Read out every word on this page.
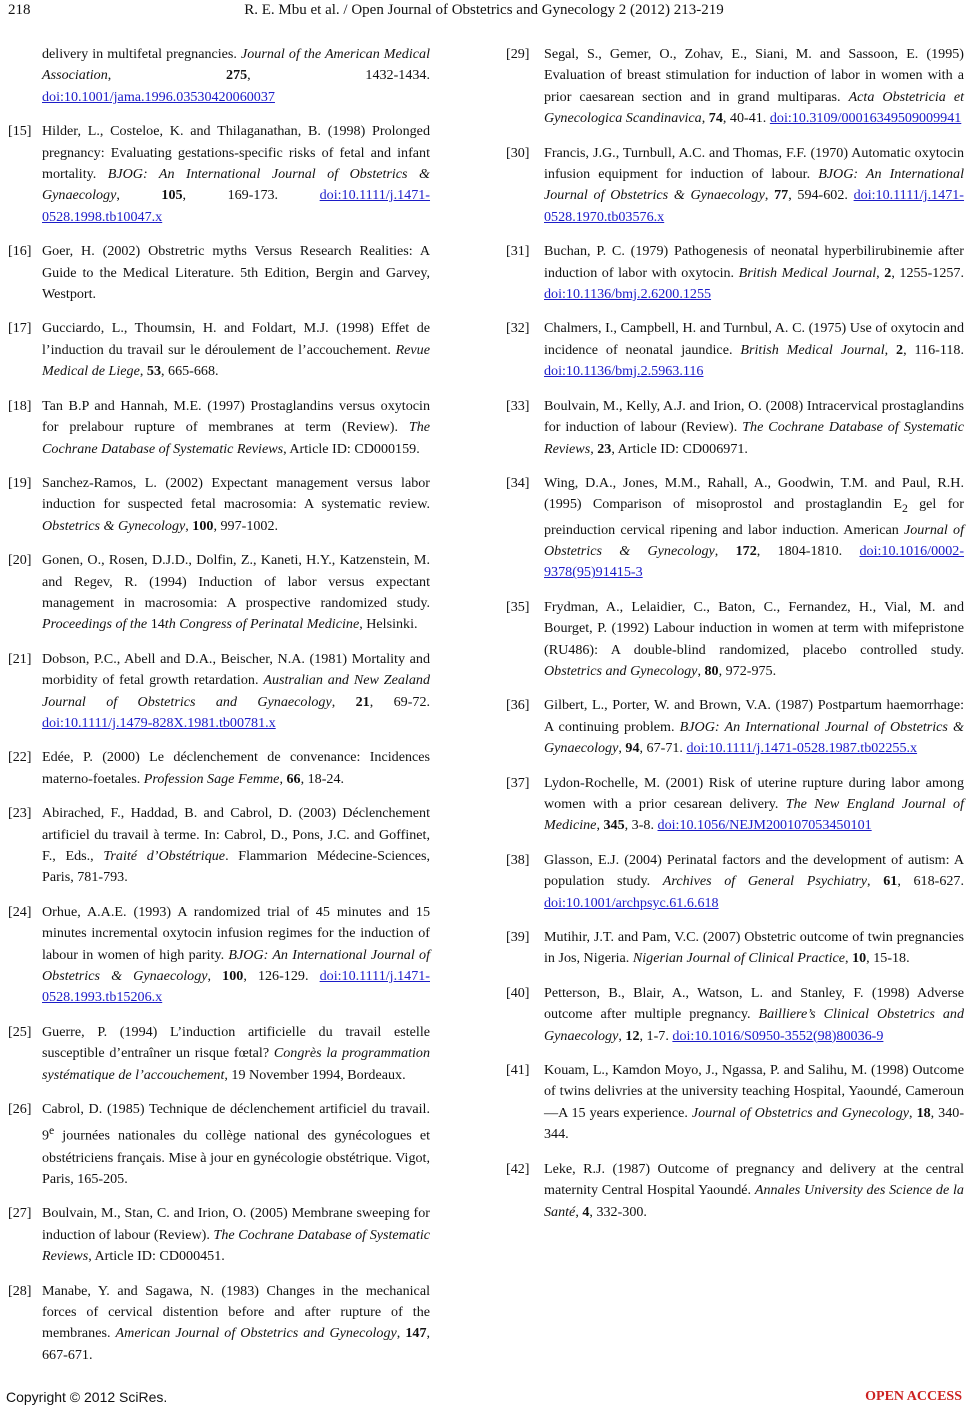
218	R. E. Mbu et al. / Open Journal of Obstetrics and Gynecology 2 (2012) 213-219
delivery in multifetal pregnancies. Journal of the American Medical Association, 275, 1432-1434. doi:10.1001/jama.1996.03530420060037
[15] Hilder, L., Costeloe, K. and Thilaganathan, B. (1998) Prolonged pregnancy: Evaluating gestations-specific risks of fetal and infant mortality. BJOG: An International Journal of Obstetrics & Gynaecology, 105, 169-173. doi:10.1111/j.1471-0528.1998.tb10047.x
[16] Goer, H. (2002) Obstretric myths Versus Research Realities: A Guide to the Medical Literature. 5th Edition, Bergin and Garvey, Westport.
[17] Gucciardo, L., Thoumsin, H. and Foldart, M.J. (1998) Effet de l’induction du travail sur le déroulement de l’accouchement. Revue Medical de Liege, 53, 665-668.
[18] Tan B.P and Hannah, M.E. (1997) Prostaglandins versus oxytocin for prelabour rupture of membranes at term (Review). The Cochrane Database of Systematic Reviews, Article ID: CD000159.
[19] Sanchez-Ramos, L. (2002) Expectant management versus labor induction for suspected fetal macrosomia: A systematic review. Obstetrics & Gynecology, 100, 997-1002.
[20] Gonen, O., Rosen, D.J.D., Dolfin, Z., Kaneti, H.Y., Katzenstein, M. and Regev, R. (1994) Induction of labor versus expectant management in macrosomia: A prospective randomized study. Proceedings of the 14th Congress of Perinatal Medicine, Helsinki.
[21] Dobson, P.C., Abell and D.A., Beischer, N.A. (1981) Mortality and morbidity of fetal growth retardation. Australian and New Zealand Journal of Obstetrics and Gynaecology, 21, 69-72. doi:10.1111/j.1479-828X.1981.tb00781.x
[22] Edée, P. (2000) Le déclenchement de convenance: Incidences materno-foetales. Profession Sage Femme, 66, 18-24.
[23] Abirached, F., Haddad, B. and Cabrol, D. (2003) Déclenchement artificiel du travail à terme. In: Cabrol, D., Pons, J.C. and Goffinet, F., Eds., Traité d’Obstétrique. Flammarion Médecine-Sciences, Paris, 781-793.
[24] Orhue, A.A.E. (1993) A randomized trial of 45 minutes and 15 minutes incremental oxytocin infusion regimes for the induction of labour in women of high parity. BJOG: An International Journal of Obstetrics & Gynaecology, 100, 126-129. doi:10.1111/j.1471-0528.1993.tb15206.x
[25] Guerre, P. (1994) L’induction artificielle du travail estelle susceptible d’entraîner un risque fœtal? Congrès la programmation systématique de l’accouchement, 19 November 1994, Bordeaux.
[26] Cabrol, D. (1985) Technique de déclenchement artificiel du travail. 9e journées nationales du collège national des gynécologues et obstétriciens français. Mise à jour en gynécologie obstétrique. Vigot, Paris, 165-205.
[27] Boulvain, M., Stan, C. and Irion, O. (2005) Membrane sweeping for induction of labour (Review). The Cochrane Database of Systematic Reviews, Article ID: CD000451.
[28] Manabe, Y. and Sagawa, N. (1983) Changes in the mechanical forces of cervical distention before and after rupture of the membranes. American Journal of Obstetrics and Gynecology, 147, 667-671.
[29] Segal, S., Gemer, O., Zohav, E., Siani, M. and Sassoon, E. (1995) Evaluation of breast stimulation for induction of labor in women with a prior caesarean section and in grand multiparas. Acta Obstetricia et Gynecologica Scandinavica, 74, 40-41. doi:10.3109/00016349509009941
[30] Francis, J.G., Turnbull, A.C. and Thomas, F.F. (1970) Automatic oxytocin infusion equipment for induction of labour. BJOG: An International Journal of Obstetrics & Gynaecology, 77, 594-602. doi:10.1111/j.1471-0528.1970.tb03576.x
[31] Buchan, P. C. (1979) Pathogenesis of neonatal hyperbilirubinemie after induction of labor with oxytocin. British Medical Journal, 2, 1255-1257. doi:10.1136/bmj.2.6200.1255
[32] Chalmers, I., Campbell, H. and Turnbul, A. C. (1975) Use of oxytocin and incidence of neonatal jaundice. British Medical Journal, 2, 116-118. doi:10.1136/bmj.2.5963.116
[33] Boulvain, M., Kelly, A.J. and Irion, O. (2008) Intracervical prostaglandins for induction of labour (Review). The Cochrane Database of Systematic Reviews, 23, Article ID: CD006971.
[34] Wing, D.A., Jones, M.M., Rahall, A., Goodwin, T.M. and Paul, R.H. (1995) Comparison of misoprostol and prostaglandin $E_2$ gel for preinduction cervical ripening and labor induction. American Journal of Obstetrics & Gynecology, 172, 1804-1810. doi:10.1016/0002-9378(95)91415-3
[35] Frydman, A., Lelaidier, C., Baton, C., Fernandez, H., Vial, M. and Bourget, P. (1992) Labour induction in women at term with mifepristone (RU486): A double-blind randomized, placebo controlled study. Obstetrics and Gynecology, 80, 972-975.
[36] Gilbert, L., Porter, W. and Brown, V.A. (1987) Postpartum haemorrhage: A continuing problem. BJOG: An International Journal of Obstetrics & Gynaecology, 94, 67-71. doi:10.1111/j.1471-0528.1987.tb02255.x
[37] Lydon-Rochelle, M. (2001) Risk of uterine rupture during labor among women with a prior cesarean delivery. The New England Journal of Medicine, 345, 3-8. doi:10.1056/NEJM200107053450101
[38] Glasson, E.J. (2004) Perinatal factors and the development of autism: A population study. Archives of General Psychiatry, 61, 618-627. doi:10.1001/archpsyc.61.6.618
[39] Mutihir, J.T. and Pam, V.C. (2007) Obstetric outcome of twin pregnancies in Jos, Nigeria. Nigerian Journal of Clinical Practice, 10, 15-18.
[40] Petterson, B., Blair, A., Watson, L. and Stanley, F. (1998) Adverse outcome after multiple pregnancy. Bailliere’s Clinical Obstetrics and Gynaecology, 12, 1-7. doi:10.1016/S0950-3552(98)80036-9
[41] Kouam, L., Kamdon Moyo, J., Ngassa, P. and Salihu, M. (1998) Outcome of twins delivries at the university teaching Hospital, Yaoundé, Cameroun—A 15 years experience. Journal of Obstetrics and Gynecology, 18, 340-344.
[42] Leke, R.J. (1987) Outcome of pregnancy and delivery at the central maternity Central Hospital Yaoundé. Annales University des Science de la Santé, 4, 332-300.
Copyright © 2012 SciRes.	OPEN ACCESS
